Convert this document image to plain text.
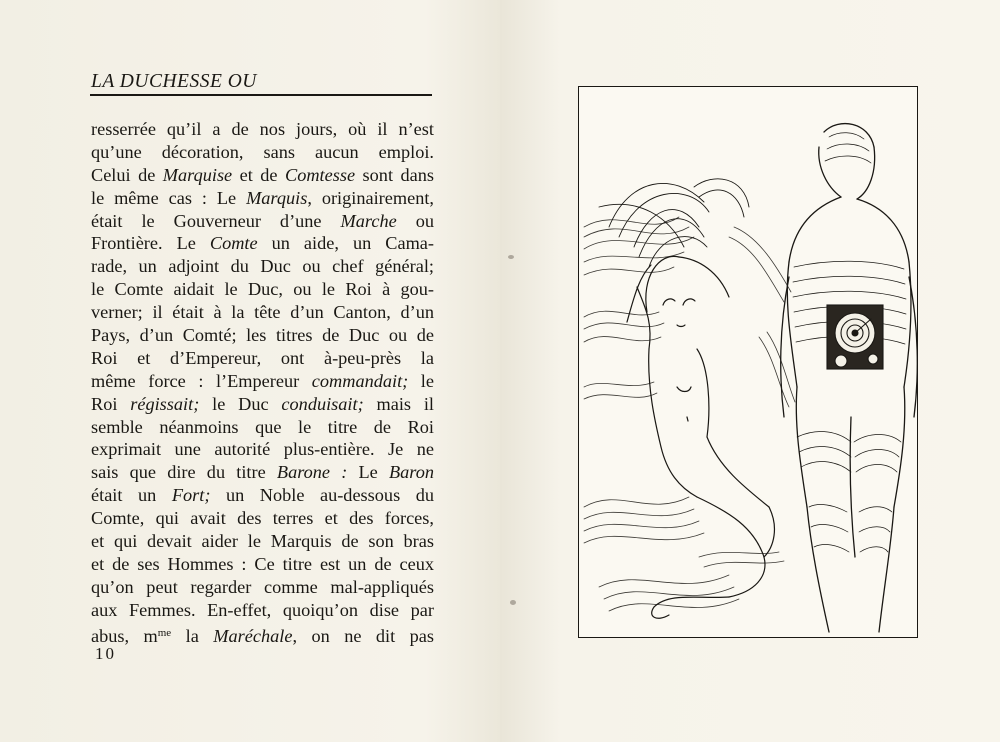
LA DUCHESSE OU
resserrée qu’il a de nos jours, où il n’est
qu’une décoration, sans aucun emploi.
Celui de Marquise et de Comtesse sont dans
le même cas : Le Marquis, originairement,
était le Gouverneur d’une Marche ou
Frontière. Le Comte un aide, un Cama-
rade, un adjoint du Duc ou chef général;
le Comte aidait le Duc, ou le Roi à gou-
verner; il était à la tête d’un Canton, d’un
Pays, d’un Comté; les titres de Duc ou de
Roi et d’Empereur, ont à-peu-près la
même force : l’Empereur commandait; le
Roi régissait; le Duc conduisait; mais il
semble néanmoins que le titre de Roi
exprimait une autorité plus-entière. Je ne
sais que dire du titre Barone : Le Baron
était un Fort; un Noble au-dessous du
Comte, qui avait des terres et des forces,
et qui devait aider le Marquis de son bras
et de ses Hommes : Ce titre est un de ceux
qu’on peut regarder comme mal-appliqués
aux Femmes. En-effet, quoiqu’on dise par
abus, $m^{me}$ la Maréchale, on ne dit pas
10
